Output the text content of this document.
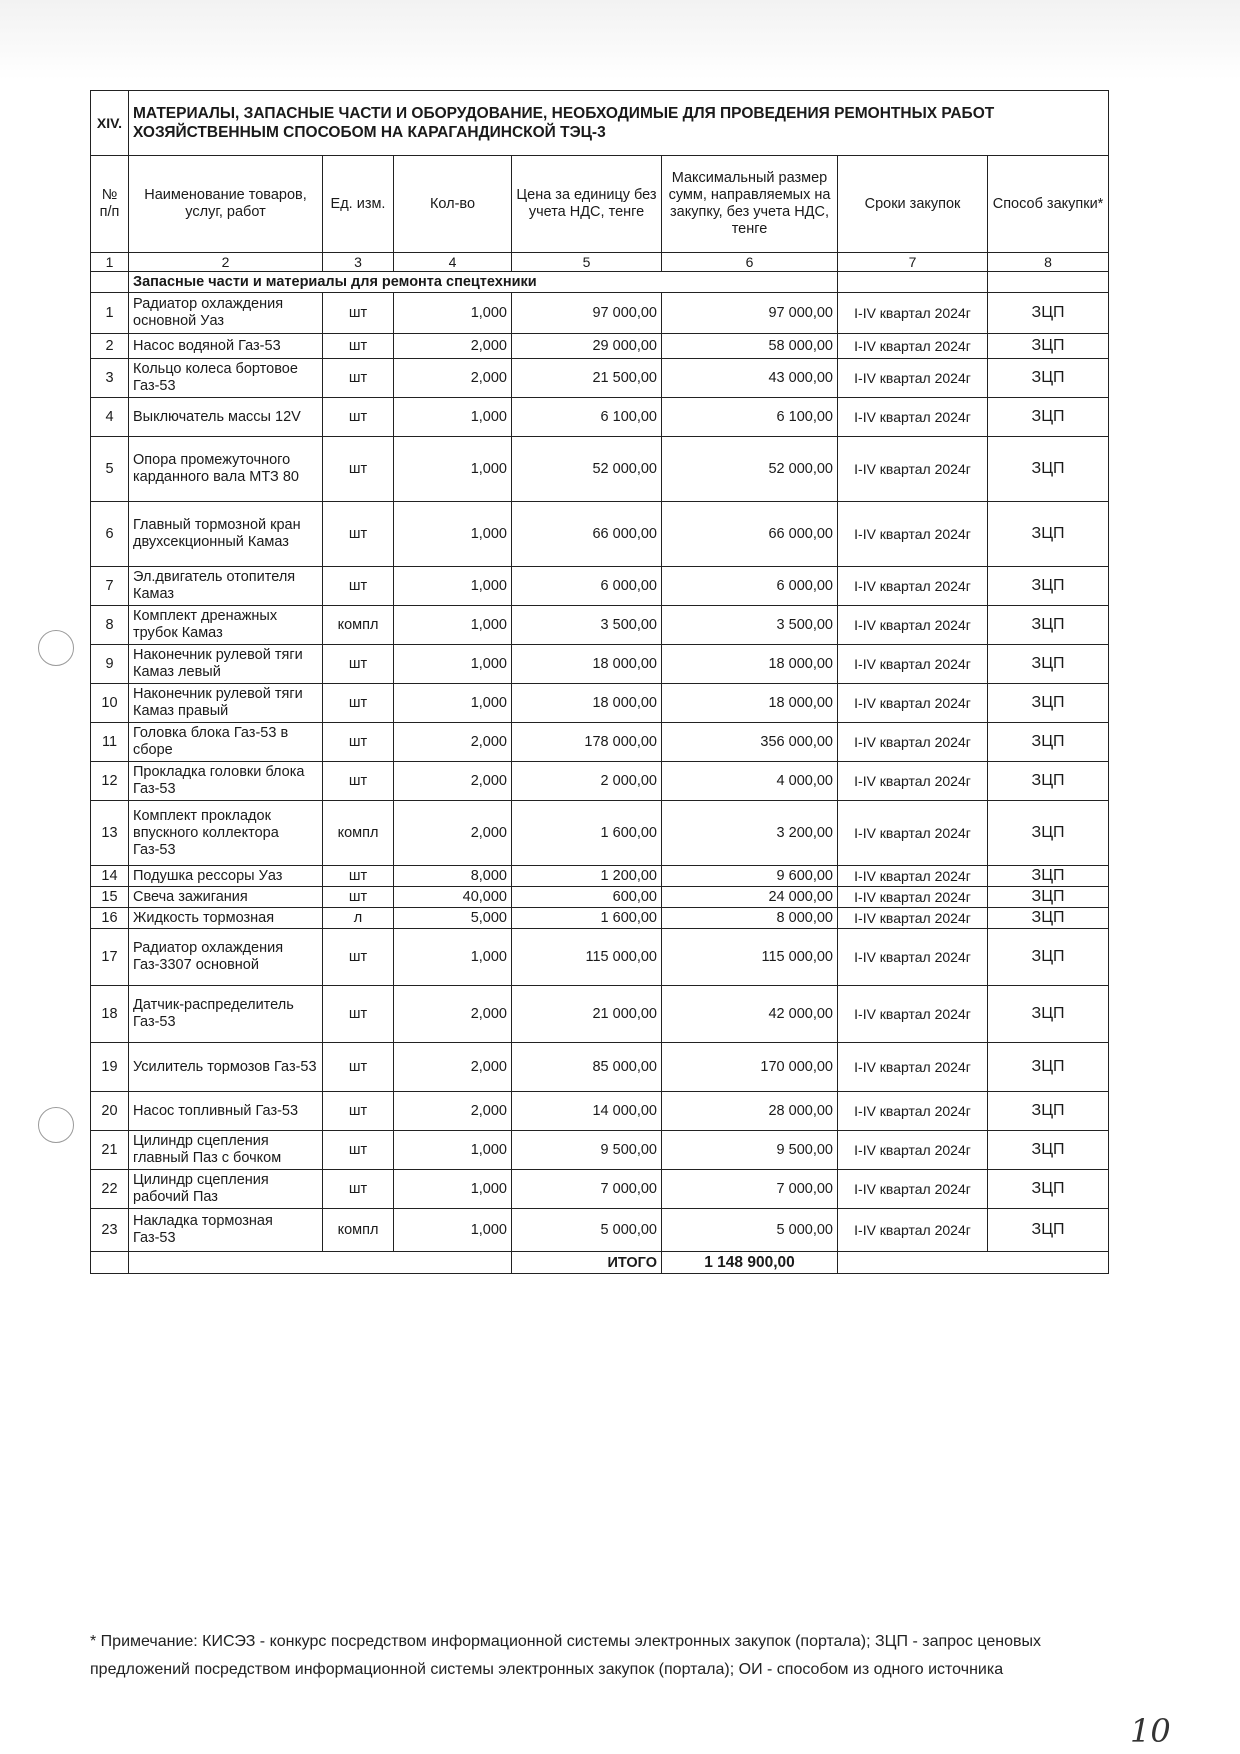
XIV.	МАТЕРИАЛЫ, ЗАПАСНЫЕ ЧАСТИ И ОБОРУДОВАНИЕ, НЕОБХОДИМЫЕ ДЛЯ ПРОВЕДЕНИЯ РЕМОНТНЫХ РАБОТ ХОЗЯЙСТВЕННЫМ СПОСОБОМ НА КАРАГАНДИНСКОЙ ТЭЦ-3						
№ п/п	Наименование товаров, услуг, работ	Ед. изм.	Кол-во	Цена за единицу без учета НДС, тенге	Максимальный размер сумм, направляемых на закупку, без учета НДС, тенге	Сроки закупок	Способ закупки*
1	2	3	4	5	6	7	8
	Запасные части и материалы для ремонта спецтехники						
1	Радиатор охлаждения основной Уаз	шт	1,000	97 000,00	97 000,00	I-IV квартал 2024г	ЗЦП
2	Насос водяной Газ-53	шт	2,000	29 000,00	58 000,00	I-IV квартал 2024г	ЗЦП
3	Кольцо колеса бортовое Газ-53	шт	2,000	21 500,00	43 000,00	I-IV квартал 2024г	ЗЦП
4	Выключатель массы 12V	шт	1,000	6 100,00	6 100,00	I-IV квартал 2024г	ЗЦП
5	Опора промежуточного карданного вала МТЗ 80	шт	1,000	52 000,00	52 000,00	I-IV квартал 2024г	ЗЦП
6	Главный тормозной кран двухсекционный Камаз	шт	1,000	66 000,00	66 000,00	I-IV квартал 2024г	ЗЦП
7	Эл.двигатель отопителя Камаз	шт	1,000	6 000,00	6 000,00	I-IV квартал 2024г	ЗЦП
8	Комплект дренажных трубок Камаз	компл	1,000	3 500,00	3 500,00	I-IV квартал 2024г	ЗЦП
9	Наконечник рулевой тяги Камаз левый	шт	1,000	18 000,00	18 000,00	I-IV квартал 2024г	ЗЦП
10	Наконечник рулевой тяги Камаз правый	шт	1,000	18 000,00	18 000,00	I-IV квартал 2024г	ЗЦП
11	Головка блока Газ-53 в сборе	шт	2,000	178 000,00	356 000,00	I-IV квартал 2024г	ЗЦП
12	Прокладка головки блока Газ-53	шт	2,000	2 000,00	4 000,00	I-IV квартал 2024г	ЗЦП
13	Комплект прокладок впускного коллектора Газ-53	компл	2,000	1 600,00	3 200,00	I-IV квартал 2024г	ЗЦП
14	Подушка рессоры Уаз	шт	8,000	1 200,00	9 600,00	I-IV квартал 2024г	ЗЦП
15	Свеча зажигания	шт	40,000	600,00	24 000,00	I-IV квартал 2024г	ЗЦП
16	Жидкость тормозная	л	5,000	1 600,00	8 000,00	I-IV квартал 2024г	ЗЦП
17	Радиатор охлаждения Газ-3307 основной	шт	1,000	115 000,00	115 000,00	I-IV квартал 2024г	ЗЦП
18	Датчик-распределитель Газ-53	шт	2,000	21 000,00	42 000,00	I-IV квартал 2024г	ЗЦП
19	Усилитель тормозов Газ-53	шт	2,000	85 000,00	170 000,00	I-IV квартал 2024г	ЗЦП
20	Насос топливный Газ-53	шт	2,000	14 000,00	28 000,00	I-IV квартал 2024г	ЗЦП
21	Цилиндр сцепления главный Паз с бочком	шт	1,000	9 500,00	9 500,00	I-IV квартал 2024г	ЗЦП
22	Цилиндр сцепления рабочий Паз	шт	1,000	7 000,00	7 000,00	I-IV квартал 2024г	ЗЦП
23	Накладка тормозная Газ-53	компл	1,000	5 000,00	5 000,00	I-IV квартал 2024г	ЗЦП
				ИТОГО	1 148 900,00		
* Примечание: КИСЭЗ - конкурс посредством информационной системы электронных закупок (портала); ЗЦП - запрос ценовых предложений посредством информационной системы электронных закупок (портала); ОИ - способом из одного источника
10
